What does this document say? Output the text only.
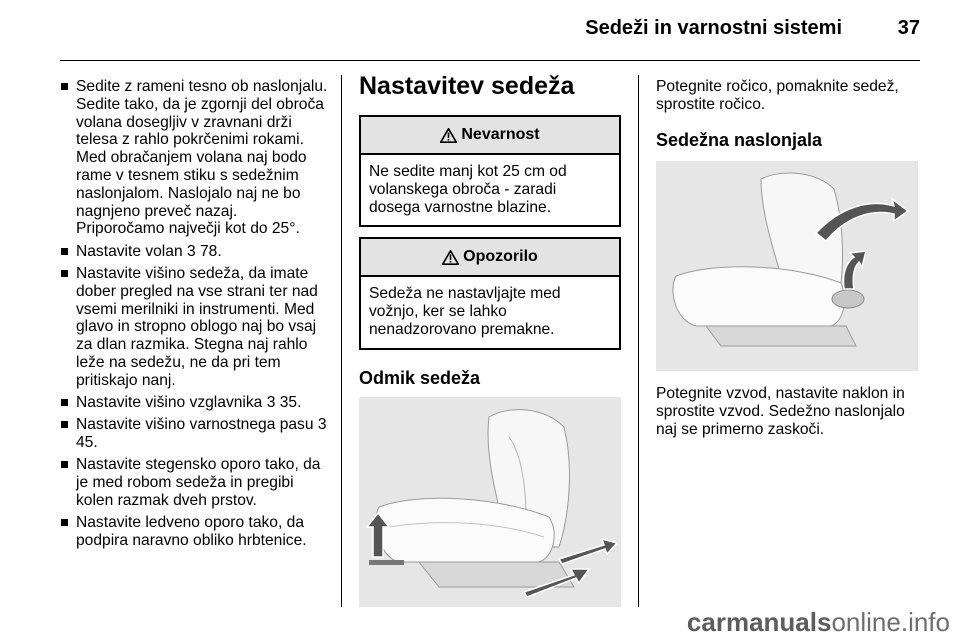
Sedeži in varnostni sistemi	37
Sedite z rameni tesno ob naslonjalu. Sedite tako, da je zgornji del obroča volana dosegljiv v zravnani drži telesa z rahlo pokrčenimi rokami. Med obračanjem volana naj bodo rame v tesnem stiku s sedežnim naslonjalom. Naslojalo naj ne bo nagnjeno preveč nazaj. Priporočamo največji kot do 25°.
Nastavite volan 3 78.
Nastavite višino sedeža, da imate dober pregled na vse strani ter nad vsemi merilniki in instrumenti. Med glavo in stropno oblogo naj bo vsaj za dlan razmika. Stegna naj rahlo leže na sedežu, ne da pri tem pritiskajo nanj.
Nastavite višino vzglavnika 3 35.
Nastavite višino varnostnega pasu 3 45.
Nastavite stegensko oporo tako, da je med robom sedeža in pregibi kolen razmak dveh prstov.
Nastavite ledveno oporo tako, da podpira naravno obliko hrbtenice.
Nastavitev sedeža
Nevarnost
Ne sedite manj kot 25 cm od volanskega obroča - zaradi dosega varnostne blazine.
Opozorilo
Sedeža ne nastavljajte med vožnjo, ker se lahko nenadzorovano premakne.
Odmik sedeža
Potegnite ročico, pomaknite sedež, sprostite ročico.
Sedežna naslonjala
Potegnite vzvod, nastavite naklon in sprostite vzvod. Sedežno naslonjalo naj se primerno zaskoči.
carmanualsonline.info
